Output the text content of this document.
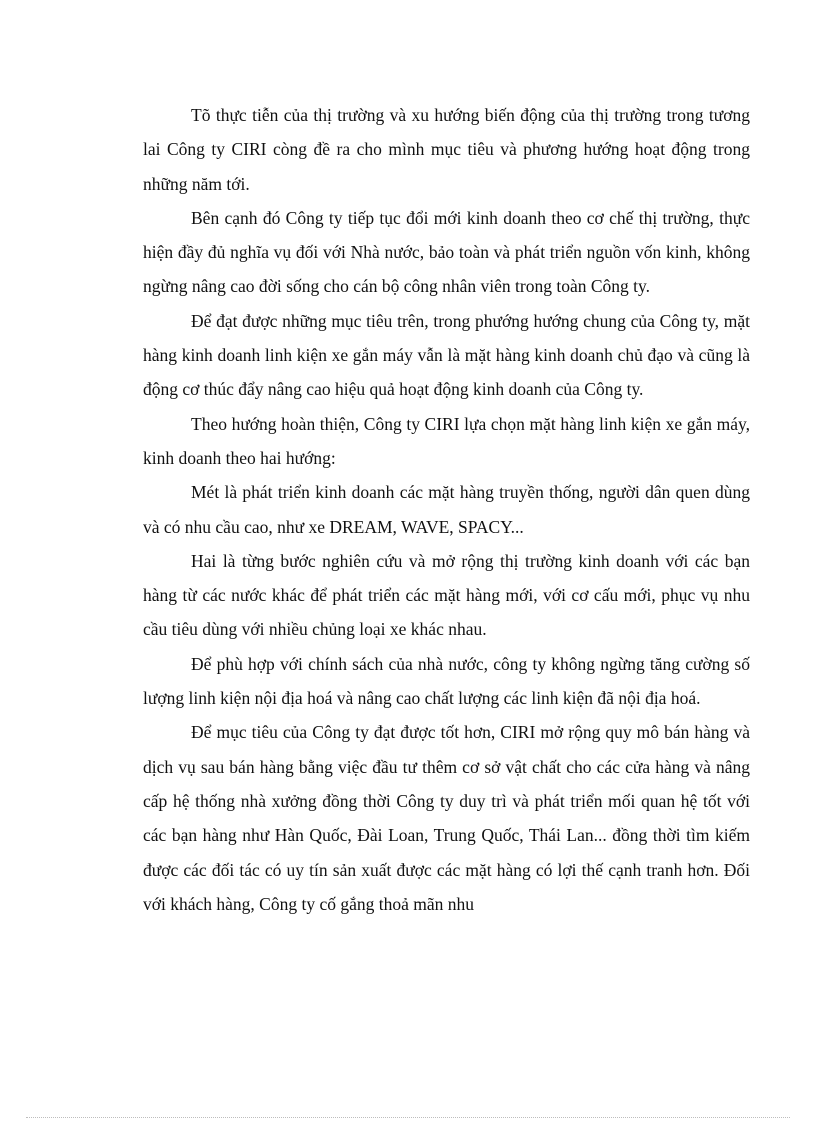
Tõ thực tiễn của thị trường và xu hướng biến động của thị trường trong tương lai Công ty CIRI còng đề ra cho mình mục tiêu và phương hướng hoạt động trong những năm tới.

Bên cạnh đó Công ty tiếp tục đổi mới kinh doanh theo cơ chế thị trường, thực hiện đầy đủ nghĩa vụ đối với Nhà nước, bảo toàn và phát triển nguồn vốn kinh, không ngừng nâng cao đời sống cho cán bộ công nhân viên trong toàn Công ty.

Để đạt được những mục tiêu trên, trong phướng hướng chung của Công ty, mặt hàng kinh doanh linh kiện xe gắn máy vẫn là mặt hàng kinh doanh chủ đạo và cũng là động cơ thúc đẩy nâng cao hiệu quả hoạt động kinh doanh của Công ty.

Theo hướng hoàn thiện, Công ty CIRI lựa chọn mặt hàng linh kiện xe gắn máy, kinh doanh theo hai hướng:

Mét là phát triển kinh doanh các mặt hàng truyền thống, người dân quen dùng và có nhu cầu cao, như xe DREAM, WAVE, SPACY...

Hai là từng bước nghiên cứu và mở rộng thị trường kinh doanh với các bạn hàng từ các nước khác để phát triển các mặt hàng mới, với cơ cấu mới, phục vụ nhu cầu tiêu dùng với nhiều chủng loại xe khác nhau.

Để phù hợp với chính sách của nhà nước, công ty không ngừng tăng cường số lượng linh kiện nội địa hoá và nâng cao chất lượng các linh kiện đã nội địa hoá.

Để mục tiêu của Công ty đạt được tốt hơn, CIRI mở rộng quy mô bán hàng và dịch vụ sau bán hàng bằng việc đầu tư thêm cơ sở vật chất cho các cửa hàng và nâng cấp hệ thống nhà xưởng đồng thời Công ty duy trì và phát triển mối quan hệ tốt với các bạn hàng như Hàn Quốc, Đài Loan, Trung Quốc, Thái Lan... đồng thời tìm kiếm được các đối tác có uy tín sản xuất được các mặt hàng có lợi thế cạnh tranh hơn. Đối với khách hàng, Công ty cố gắng thoả mãn nhu
